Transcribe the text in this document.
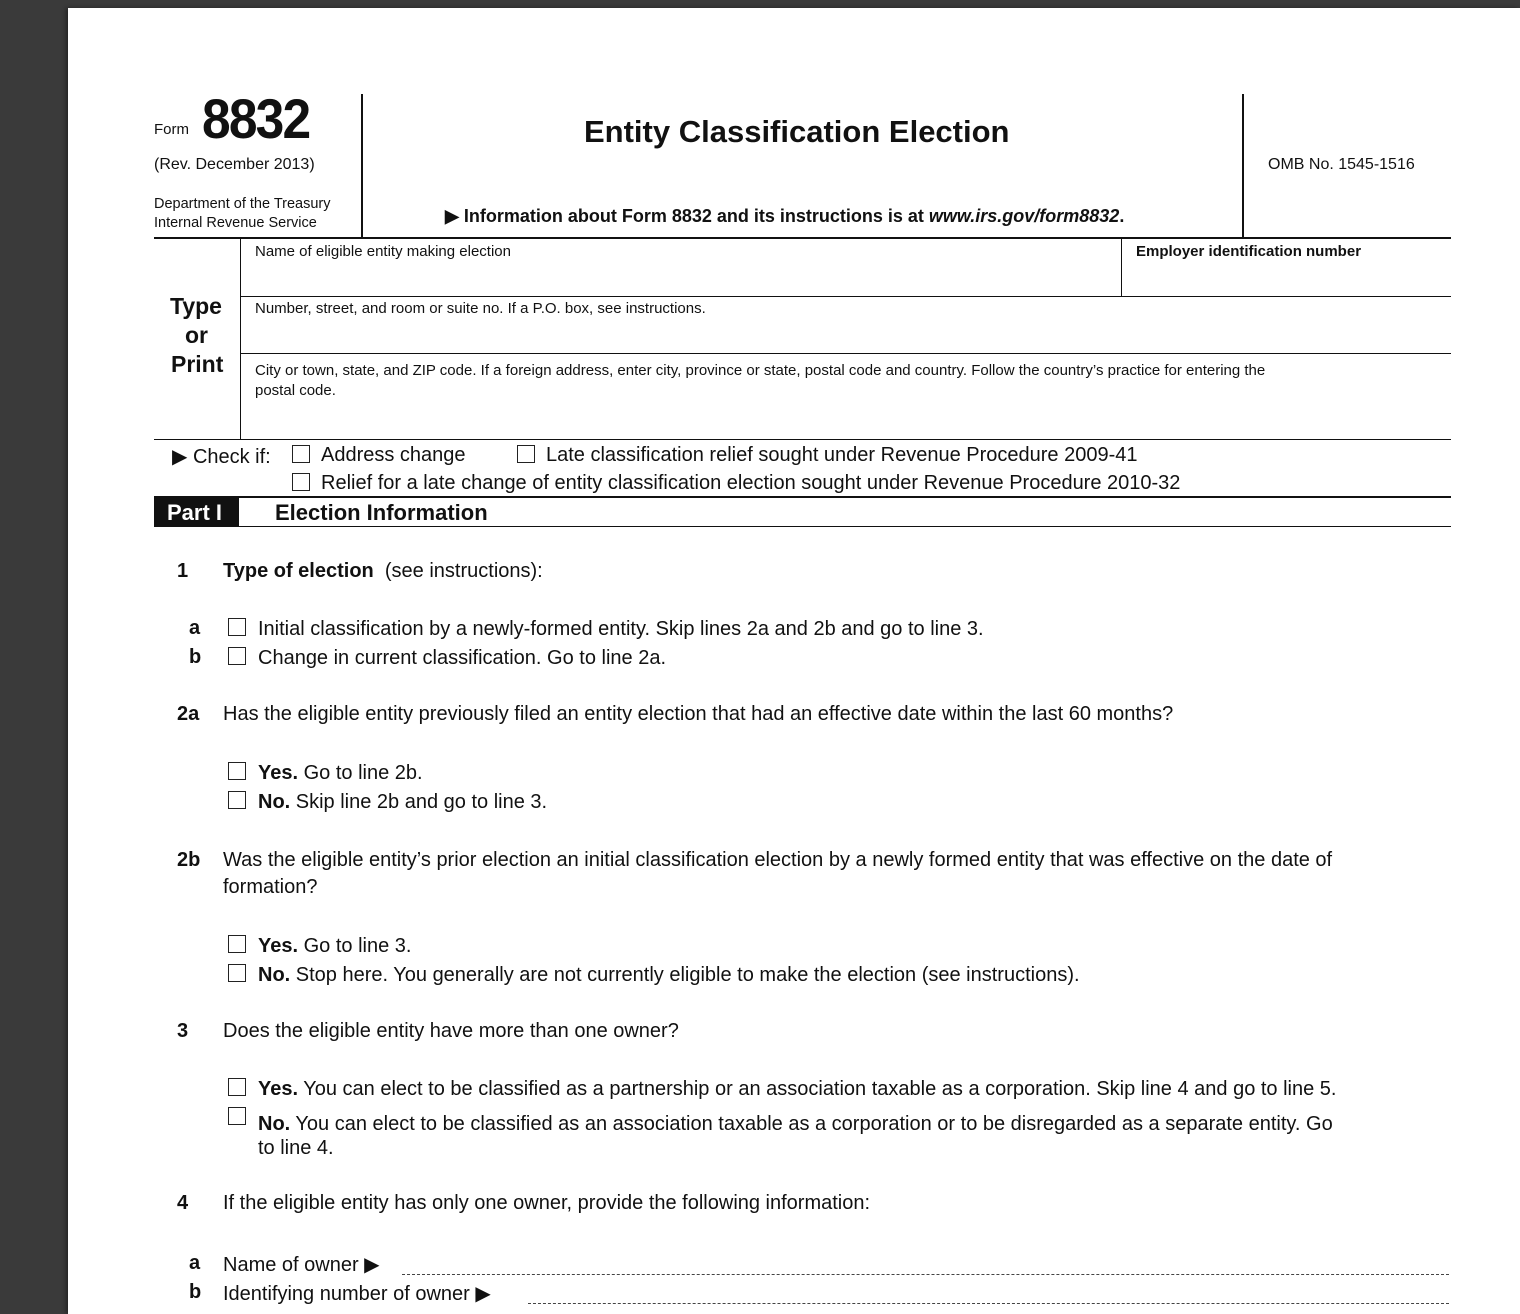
Form 8832
(Rev. December 2013)
Department of the Treasury
Internal Revenue Service
Entity Classification Election
▶ Information about Form 8832 and its instructions is at www.irs.gov/form8832.
OMB No. 1545-1516
Type
or
Print
Name of eligible entity making election	Employer identification number
Number, street, and room or suite no. If a P.O. box, see instructions.
City or town, state, and ZIP code. If a foreign address, enter city, province or state, postal code and country. Follow the country’s practice for entering the
postal code.
▶ Check if:	Address change	Late classification relief sought under Revenue Procedure 2009-41
Relief for a late change of entity classification election sought under Revenue Procedure 2010-32
Part I Election Information
1 Type of election (see instructions):
a	Initial classification by a newly-formed entity. Skip lines 2a and 2b and go to line 3.
b	Change in current classification. Go to line 2a.
2a Has the eligible entity previously filed an entity election that had an effective date within the last 60 months?
Yes. Go to line 2b.
No. Skip line 2b and go to line 3.
2b Was the eligible entity’s prior election an initial classification election by a newly formed entity that was effective on the date of
formation?
Yes. Go to line 3.
No. Stop here. You generally are not currently eligible to make the election (see instructions).
3 Does the eligible entity have more than one owner?
Yes. You can elect to be classified as a partnership or an association taxable as a corporation. Skip line 4 and go to line 5.
No. You can elect to be classified as an association taxable as a corporation or to be disregarded as a separate entity. Go
to line 4.
4 If the eligible entity has only one owner, provide the following information:
a Name of owner ▶
b Identifying number of owner ▶
